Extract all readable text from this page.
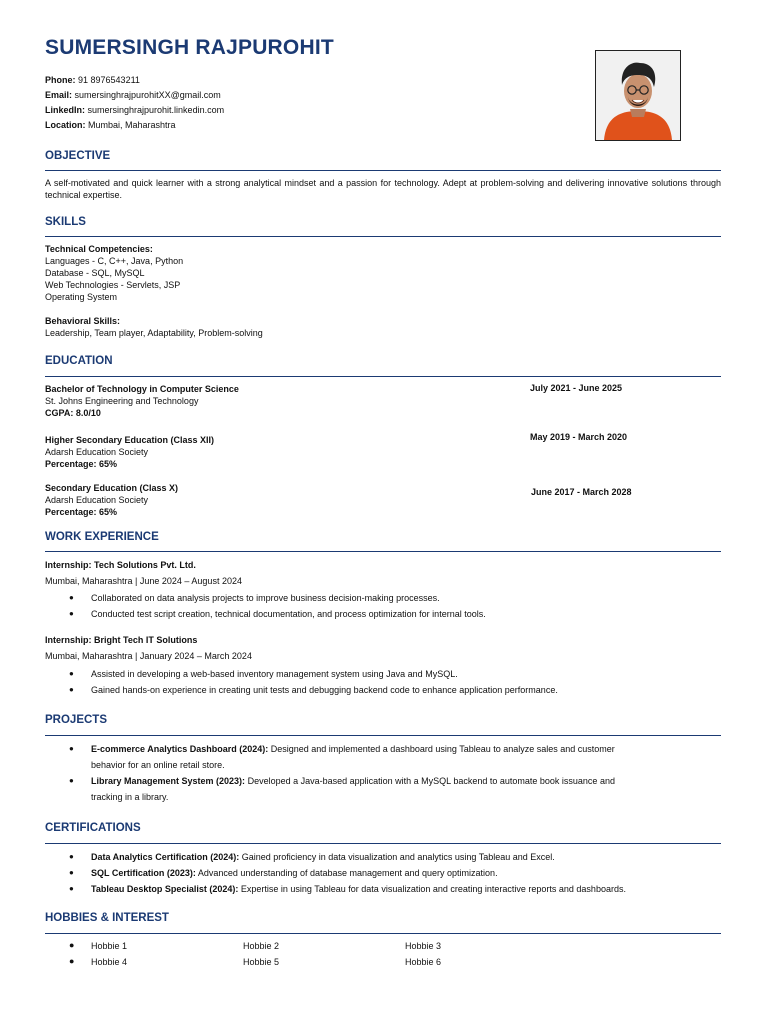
SUMERSINGH RAJPUROHIT
Phone: 91 8976543211
Email: sumersinghrajpurohitXX@gmail.com
LinkedIn: sumersinghrajpurohit.linkedin.com
Location: Mumbai, Maharashtra
OBJECTIVE
A self-motivated and quick learner with a strong analytical mindset and a passion for technology. Adept at problem-solving and delivering innovative solutions through technical expertise.
SKILLS
Technical Competencies:
Languages - C, C++, Java, Python
Database - SQL, MySQL
Web Technologies - Servlets, JSP
Operating System
Behavioral Skills:
Leadership, Team player, Adaptability, Problem-solving
EDUCATION
Bachelor of Technology in Computer Science
St. Johns Engineering and Technology
CGPA: 8.0/10
July 2021 - June 2025
Higher Secondary Education (Class XII)
Adarsh Education Society
Percentage: 65%
May 2019 - March 2020
Secondary Education (Class X)
Adarsh Education Society
Percentage: 65%
June 2017 - March 2028
WORK EXPERIENCE
Internship: Tech Solutions Pvt. Ltd.
Mumbai, Maharashtra | June 2024 – August 2024
● Collaborated on data analysis projects to improve business decision-making processes.
● Conducted test script creation, technical documentation, and process optimization for internal tools.
Internship: Bright Tech IT Solutions
Mumbai, Maharashtra | January 2024 – March 2024
● Assisted in developing a web-based inventory management system using Java and MySQL.
● Gained hands-on experience in creating unit tests and debugging backend code to enhance application performance.
PROJECTS
● E-commerce Analytics Dashboard (2024): Designed and implemented a dashboard using Tableau to analyze sales and customer
behavior for an online retail store.
● Library Management System (2023): Developed a Java-based application with a MySQL backend to automate book issuance and
tracking in a library.
CERTIFICATIONS
● Data Analytics Certification (2024): Gained proficiency in data visualization and analytics using Tableau and Excel.
● SQL Certification (2023): Advanced understanding of database management and query optimization.
● Tableau Desktop Specialist (2024): Expertise in using Tableau for data visualization and creating interactive reports and dashboards.
HOBBIES & INTEREST
● Hobbie 1	Hobbie 2	Hobbie 3
● Hobbie 4	Hobbie 5	Hobbie 6
